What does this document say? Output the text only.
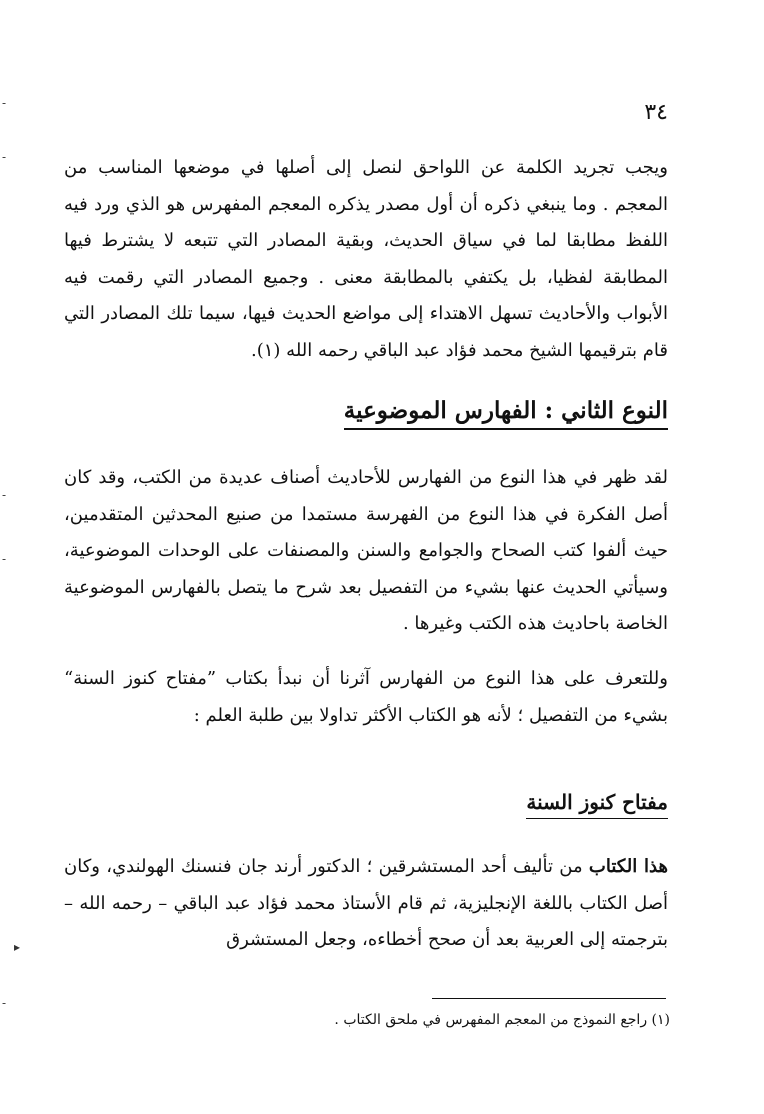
٣٤

ويجب تجريد الكلمة عن اللواحق لنصل إلى أصلها في موضعها المناسب من المعجم . وما ينبغي ذكره أن أول مصدر يذكره المعجم المفهرس هو الذي ورد فيه اللفظ مطابقا لما في سياق الحديث، وبقية المصادر التي تتبعه لا يشترط فيها المطابقة لفظيا، بل يكتفي بالمطابقة معنى . وجميع المصادر التي رقمت فيه الأبواب والأحاديث تسهل الاهتداء إلى مواضع الحديث فيها، سيما تلك المصادر التي قام بترقيمها الشيخ محمد فؤاد عبد الباقي رحمه الله (١).

النوع الثاني : الفهارس الموضوعية

لقد ظهر في هذا النوع من الفهارس للأحاديث أصناف عديدة من الكتب، وقد كان أصل الفكرة في هذا النوع من الفهرسة مستمدا من صنيع المحدثين المتقدمين، حيث ألفوا كتب الصحاح والجوامع والسنن والمصنفات على الوحدات الموضوعية، وسيأتي الحديث عنها بشيء من التفصيل بعد شرح ما يتصل بالفهارس الموضوعية الخاصة باحاديث هذه الكتب وغيرها .

وللتعرف على هذا النوع من الفهارس آثرنا أن نبدأ بكتاب ”مفتاح كنوز السنة“ بشيء من التفصيل ؛ لأنه هو الكتاب الأكثر تداولا بين طلبة العلم :

مفتاح كنوز السنة

هذا الكتاب من تأليف أحد المستشرقين ؛ الدكتور أرند جان فنسنك الهولندي، وكان أصل الكتاب باللغة الإنجليزية، ثم قام الأستاذ محمد فؤاد عبد الباقي – رحمه الله – بترجمته إلى العربية بعد أن صحح أخطاءه، وجعل المستشرق

(١) راجع النموذج من المعجم المفهرس في ملحق الكتاب .

-
-
-
-
-
▸
